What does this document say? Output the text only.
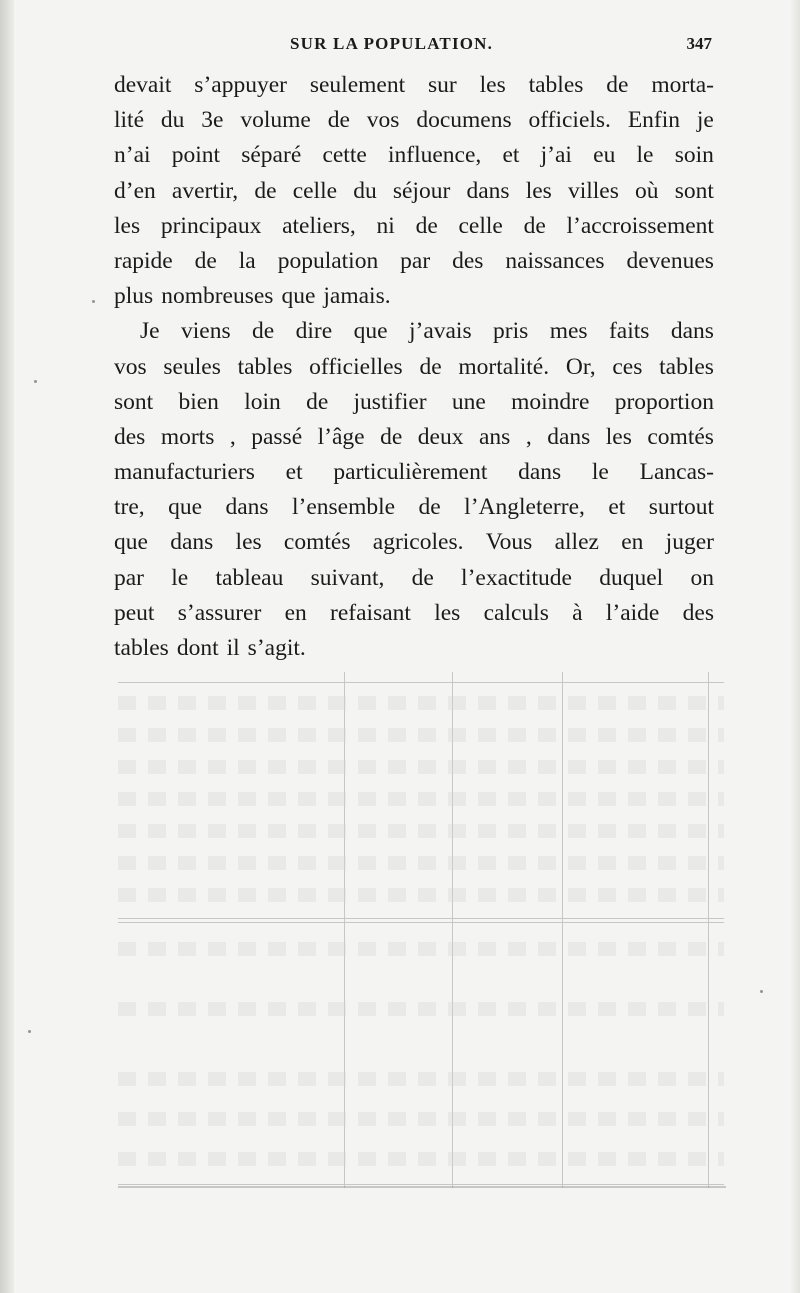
SUR LA POPULATION.	347
devait s’appuyer seulement sur les tables de morta-
lité du 3e volume de vos documens officiels. Enfin je
n’ai point séparé cette influence, et j’ai eu le soin
d’en avertir, de celle du séjour dans les villes où sont
les principaux ateliers, ni de celle de l’accroissement
rapide de la population par des naissances devenues
plus nombreuses que jamais.
Je viens de dire que j’avais pris mes faits dans
vos seules tables officielles de mortalité. Or, ces tables
sont bien loin de justifier une moindre proportion
des morts , passé l’âge de deux ans , dans les comtés
manufacturiers et particulièrement dans le Lancas-
tre, que dans l’ensemble de l’Angleterre, et surtout
que dans les comtés agricoles. Vous allez en juger
par le tableau suivant, de l’exactitude duquel on
peut s’assurer en refaisant les calculs à l’aide des
tables dont il s’agit.
